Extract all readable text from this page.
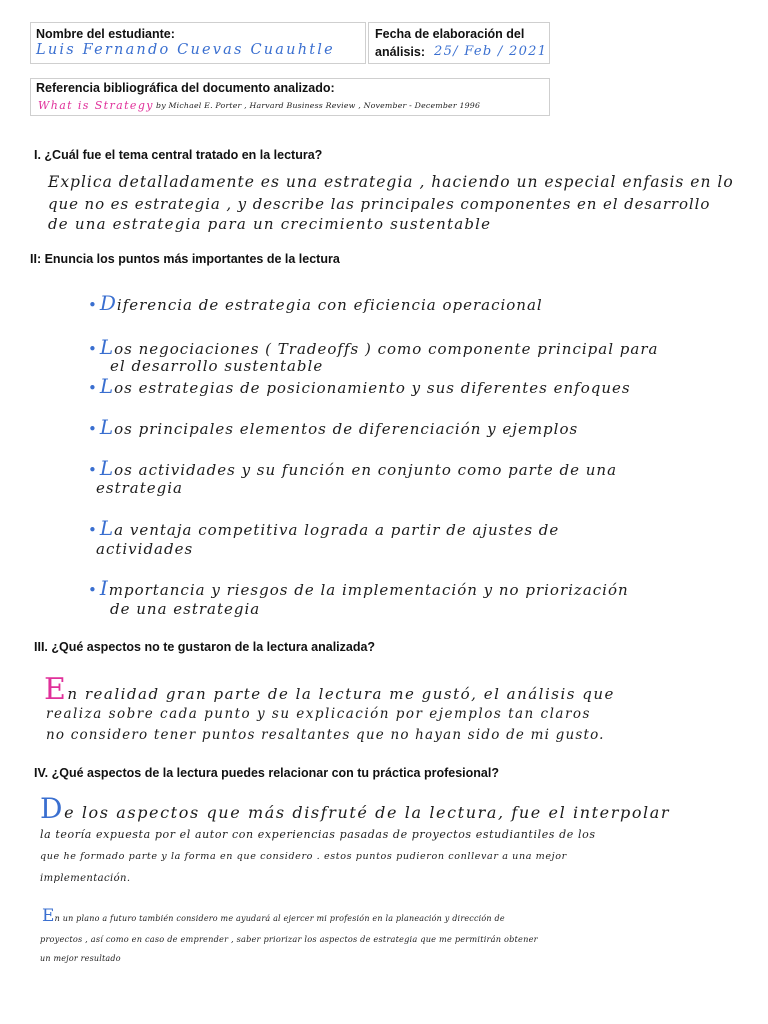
Nombre del estudiante:
Luis Fernando Cuevas Cuauhtle
Fecha de elaboración del
análisis: 25/ Feb / 2021
Referencia bibliográfica del documento analizado:
What is Strategy by Michael E. Porter , Harvard Business Review , November - December 1996
I. ¿Cuál fue el tema central tratado en la lectura?
Explica detalladamente es una estrategia , haciendo un especial enfasis en lo
que no es estrategia , y describe las principales componentes en el desarrollo
de una estrategia para un crecimiento sustentable
II: Enuncia los puntos más importantes de la lectura
• Diferencia de estrategia con eficiencia operacional
• Los negociaciones ( Tradeoffs ) como componente principal para
el desarrollo sustentable
• Los estrategias de posicionamiento y sus diferentes enfoques
• Los principales elementos de diferenciación y ejemplos
• Los actividades y su función en conjunto como parte de una
estrategia
• La ventaja competitiva lograda a partir de ajustes de
actividades
• Importancia y riesgos de la implementación y no priorización
de una estrategia
III. ¿Qué aspectos no te gustaron de la lectura analizada?
En realidad gran parte de la lectura me gustó, el análisis que
realiza sobre cada punto y su explicación por ejemplos tan claros
no considero tener puntos resaltantes que no hayan sido de mi gusto.
IV. ¿Qué aspectos de la lectura puedes relacionar con tu práctica profesional?
De los aspectos que más disfruté de la lectura, fue el interpolar
la teoría expuesta por el autor con experiencias pasadas de proyectos estudiantiles de los
que he formado parte y la forma en que considero . estos puntos pudieron conllevar a una mejor
implementación.
En un plano a futuro también considero me ayudará al ejercer mi profesión en la planeación y dirección de
proyectos , así como en caso de emprender , saber priorizar los aspectos de estrategia que me permitirán obtener
un mejor resultado
